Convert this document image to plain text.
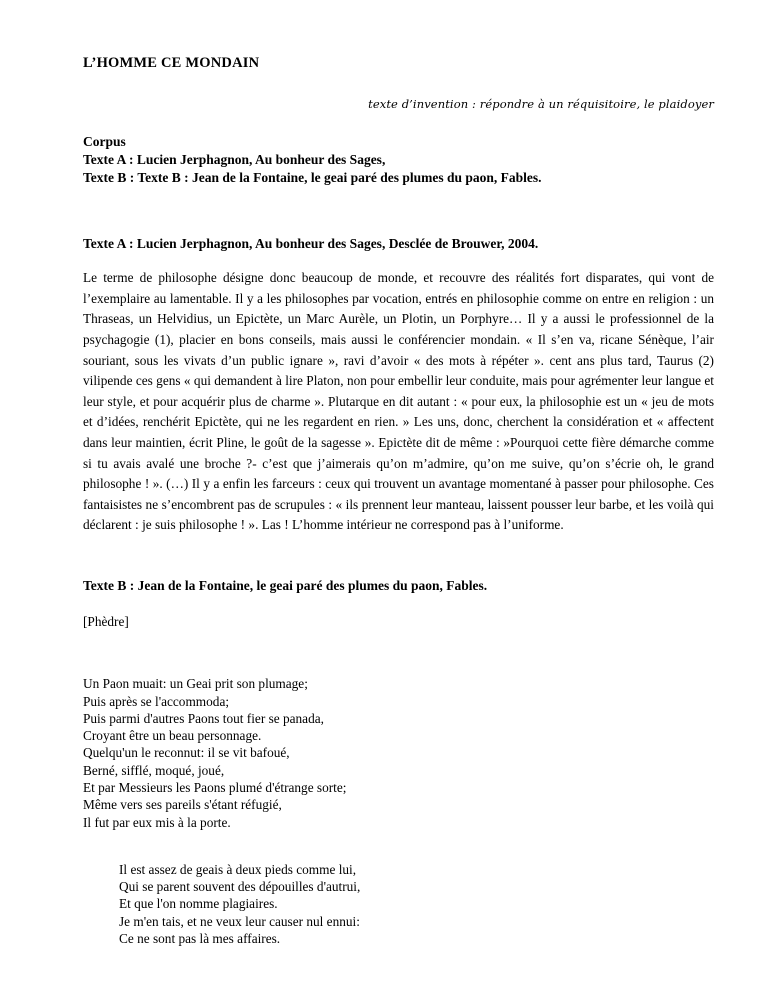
L’HOMME CE MONDAIN
texte d’invention : répondre à un réquisitoire, le plaidoyer
Corpus
Texte A : Lucien Jerphagnon, Au bonheur des Sages,
Texte B : Texte B : Jean de la Fontaine, le geai paré des plumes du paon, Fables.
Texte A : Lucien Jerphagnon, Au bonheur des Sages, Desclée de Brouwer, 2004.
Le terme de philosophe désigne donc beaucoup de monde, et recouvre des réalités fort disparates, qui vont de l’exemplaire au lamentable. Il y a les philosophes par vocation, entrés en philosophie comme on entre en religion : un Thraseas, un Helvidius, un Epictète, un Marc Aurèle, un Plotin, un Porphyre… Il y a aussi le professionnel de la psychagogie (1), placier en bons conseils, mais aussi le conférencier mondain. « Il s’en va, ricane Sénèque, l’air souriant, sous les vivats d’un public ignare », ravi d’avoir « des mots à répéter ». cent ans plus tard, Taurus (2) vilipende ces gens « qui demandent à lire Platon, non pour embellir leur conduite, mais pour agrémenter leur langue et leur style, et pour acquérir plus de charme ». Plutarque en dit autant : « pour eux, la philosophie est un « jeu de mots et d’idées, renchérit Epictète, qui ne les regardent en rien. » Les uns, donc, cherchent la considération et « affectent dans leur maintien, écrit Pline, le goût de la sagesse ». Epictète dit de même : »Pourquoi cette fière démarche comme si tu avais avalé une broche ?- c’est que j’aimerais qu’on m’admire, qu’on me suive, qu’on s’écrie oh, le grand philosophe ! ». (…) Il y a enfin les farceurs : ceux qui trouvent un avantage momentané à passer pour philosophe. Ces fantaisistes ne s’encombrent pas de scrupules : « ils prennent leur manteau, laissent pousser leur barbe, et les voilà qui déclarent : je suis philosophe ! ». Las ! L’homme intérieur ne correspond pas à l’uniforme.
Texte B : Jean de la Fontaine, le geai paré des plumes du paon, Fables.
[Phèdre]
Un Paon muait: un Geai prit son plumage;
Puis après se l'accommoda;
Puis parmi d'autres Paons tout fier se panada,
Croyant être un beau personnage.
Quelqu'un le reconnut: il se vit bafoué,
Berné, sifflé, moqué, joué,
Et par Messieurs les Paons plumé d'étrange sorte;
Même vers ses pareils s'étant réfugié,
Il fut par eux mis à la porte.
Il est assez de geais à deux pieds comme lui,
Qui se parent souvent des dépouilles d'autrui,
Et que l'on nomme plagiaires.
Je m'en tais, et ne veux leur causer nul ennui:
Ce ne sont pas là mes affaires.
